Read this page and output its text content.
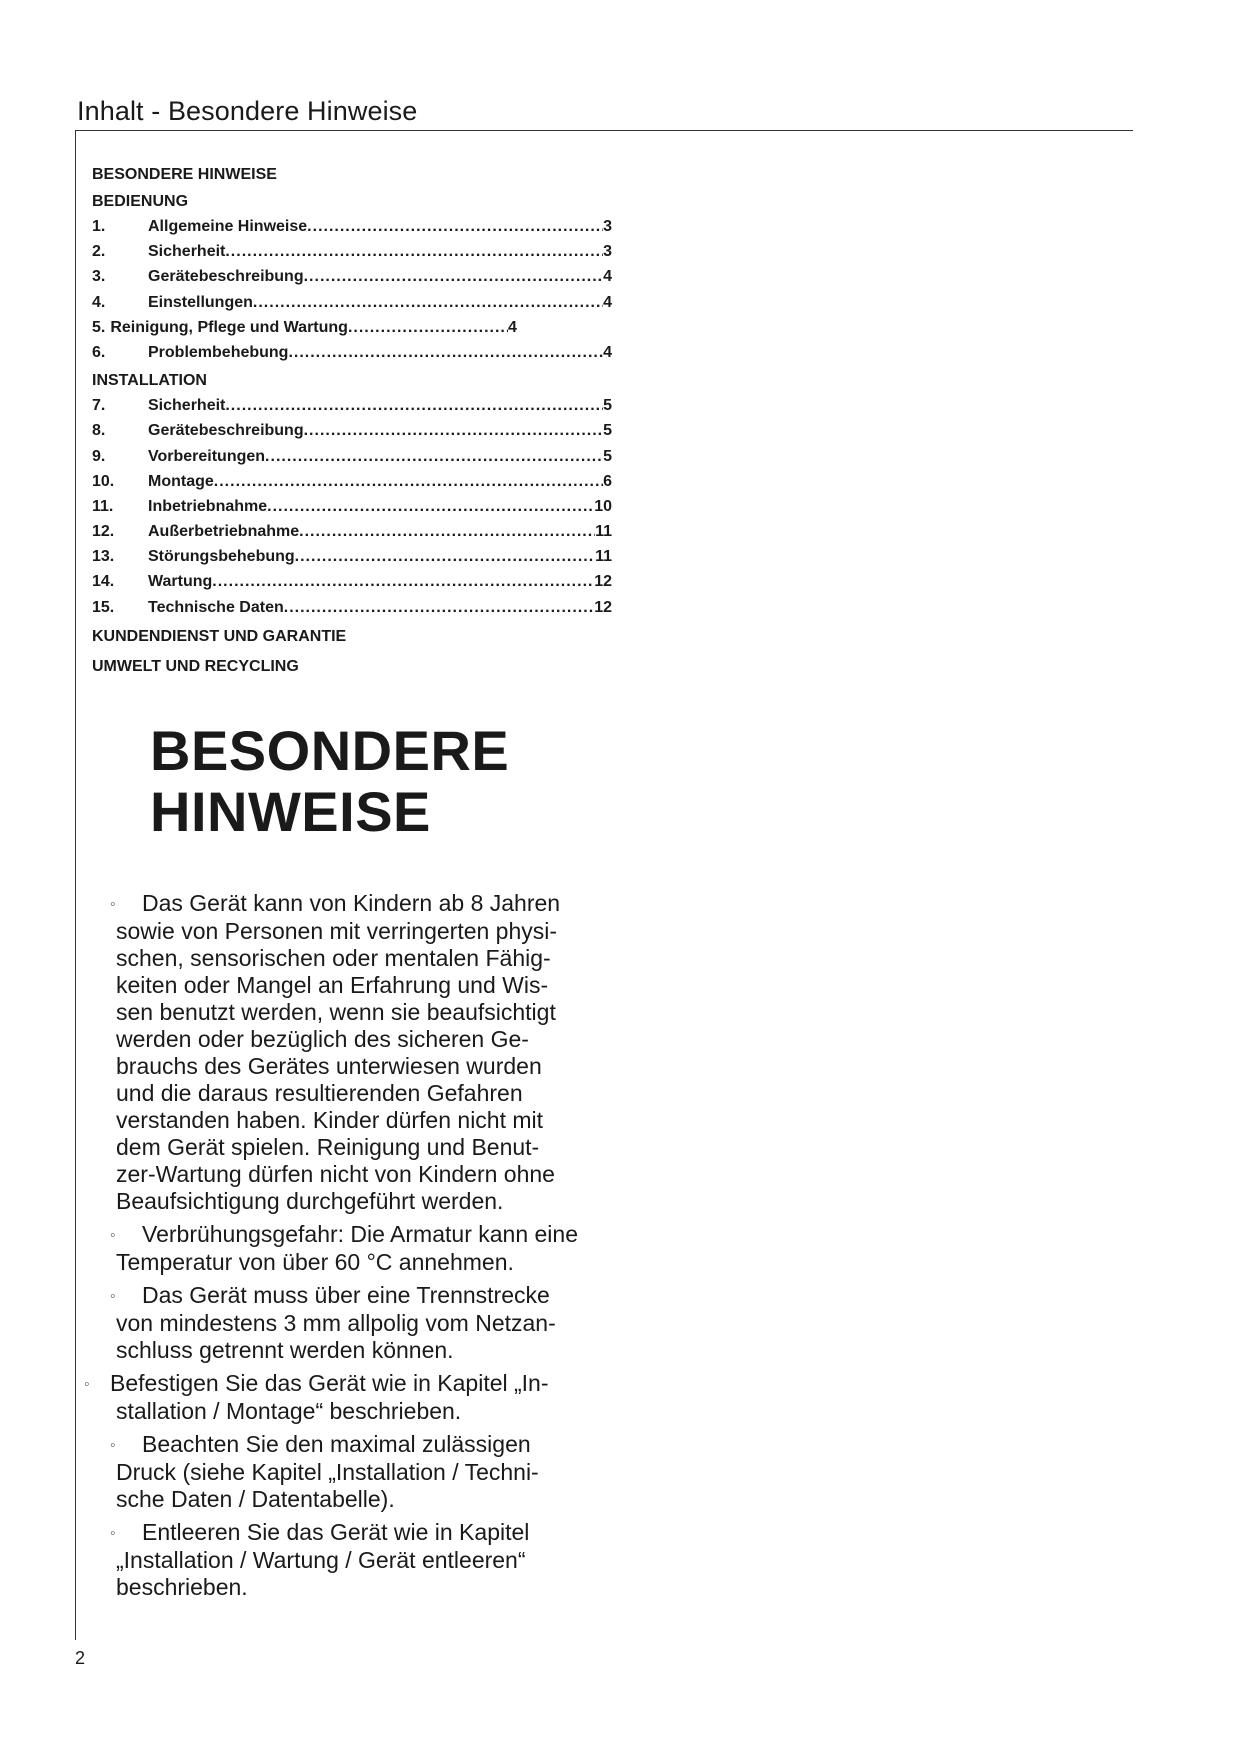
Inhalt - Besondere Hinweise
BESONDERE HINWEISE
BEDIENUNG
1.	Allgemeine Hinweise .....	3
2.	Sicherheit .....	3
3.	Gerätebeschreibung .....	4
4.	Einstellungen .....	4
5. Reinigung, Pflege und Wartung .....	4
6.	Problembehebung .....	4
INSTALLATION
7.	Sicherheit .....	5
8.	Gerätebeschreibung .....	5
9.	Vorbereitungen .....	5
10.	Montage .....	6
11.	Inbetriebnahme .....	10
12.	Außerbetriebnahme .....	11
13.	Störungsbehebung .....	11
14.	Wartung .....	12
15.	Technische Daten .....	12
KUNDENDIENST UND GARANTIE
UMWELT UND RECYCLING
BESONDERE
HINWEISE
◦ Das Gerät kann von Kindern ab 8 Jahren
sowie von Personen mit verringerten physi-
schen, sensorischen oder mentalen Fähig-
keiten oder Mangel an Erfahrung und Wis-
sen benutzt werden, wenn sie beaufsichtigt
werden oder bezüglich des sicheren Ge-
brauchs des Gerätes unterwiesen wurden
und die daraus resultierenden Gefahren
verstanden haben. Kinder dürfen nicht mit
dem Gerät spielen. Reinigung und Benut-
zer-Wartung dürfen nicht von Kindern ohne
Beaufsichtigung durchgeführt werden.
◦ Verbrühungsgefahr: Die Armatur kann eine
Temperatur von über 60 °C annehmen.
◦ Das Gerät muss über eine Trennstrecke
von mindestens 3 mm allpolig vom Netzan-
schluss getrennt werden können.
◦ Befestigen Sie das Gerät wie in Kapitel „In-
stallation / Montage“ beschrieben.
◦ Beachten Sie den maximal zulässigen
Druck (siehe Kapitel „Installation / Techni-
sche Daten / Datentabelle).
◦ Entleeren Sie das Gerät wie in Kapitel
„Installation / Wartung / Gerät entleeren“
beschrieben.
2
